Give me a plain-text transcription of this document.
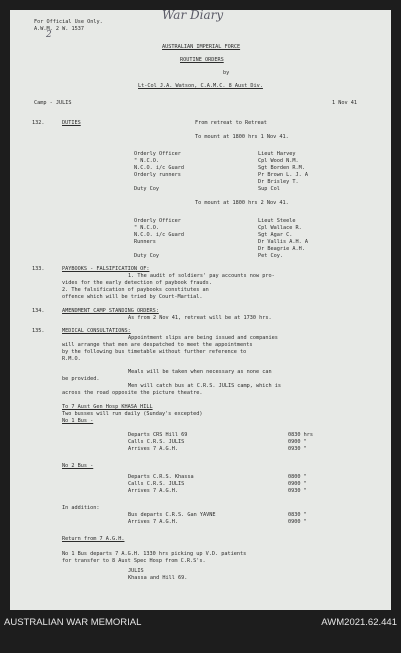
For Official Use Only.
A.W.M. 2 W. 1537
War Diary
2
AUSTRALIAN IMPERIAL FORCE
ROUTINE ORDERS
by
Lt-Col J.A. Watson, C.A.M.C. 8 Aust Div.
Camp - JULIS	1 Nov 41
132.	DUTIES	From retreat to Retreat
To mount at 1800 hrs 1 Nov 41.
Orderly Officer	Lieut Harvey
" N.C.O.	Cpl Wood N.M.
N.C.O. i/c Guard	Sgt Borden R.M.
Orderly runners	Pr Brown L. J. A
Dr Brisley T.
Duty Coy	Sup Col
To mount at 1800 hrs 2 Nov 41.
Orderly Officer	Lieut Steele
" N.C.O.	Cpl Wallace R.
N.C.O. i/c Guard	Sgt Agar C.
Runners	Dr Vallis A.H. A
Dr Beagrie A.H.
Duty Coy	Pet Coy.
133.	PAYBOOKS - FALSIFICATION OF:
1. The audit of soldiers' pay accounts now pro-
vides for the early detection of paybook frauds.
2. The falsification of paybooks constitutes an
offence which will be tried by Court-Martial.
134.	AMENDMENT CAMP STANDING ORDERS:
As from 2 Nov 41, retreat will be at 1730 hrs.
135.	MEDICAL CONSULTATIONS:
Appointment slips are being issued and companies
will arrange that men are despatched to meet the appointments
by the following bus timetable without further reference to
R.M.O.
Meals will be taken when necessary as none can
be provided.
Men will catch bus at C.R.S. JULIS camp, which is
across the road opposite the picture theatre.
To 7 Aust Gen Hosp KHASA HILL
Two busses will run daily (Sunday's excepted)
No 1 Bus -
Departs CRS Hill 69	0830 hrs
Calls C.R.S. JULIS	0900 "
Arrives 7 A.G.H.	0930 "
No 2 Bus -
Departs C.R.S. Khassa	0800 "
Calls C.R.S. JULIS	0900 "
Arrives 7 A.G.H.	0930 "
In addition:
Bus departs C.R.S. Gan YAVNE	0830 "
Arrives 7 A.G.H.	0900 "
Return from 7 A.G.H.
No 1 Bus departs 7 A.G.H. 1330 hrs picking up V.D. patients
for transfer to 8 Aust Spec Hosp from C.R.S's.
JULIS
Khassa and Hill 69.
AUSTRALIAN WAR MEMORIAL	AWM2021.62.441
